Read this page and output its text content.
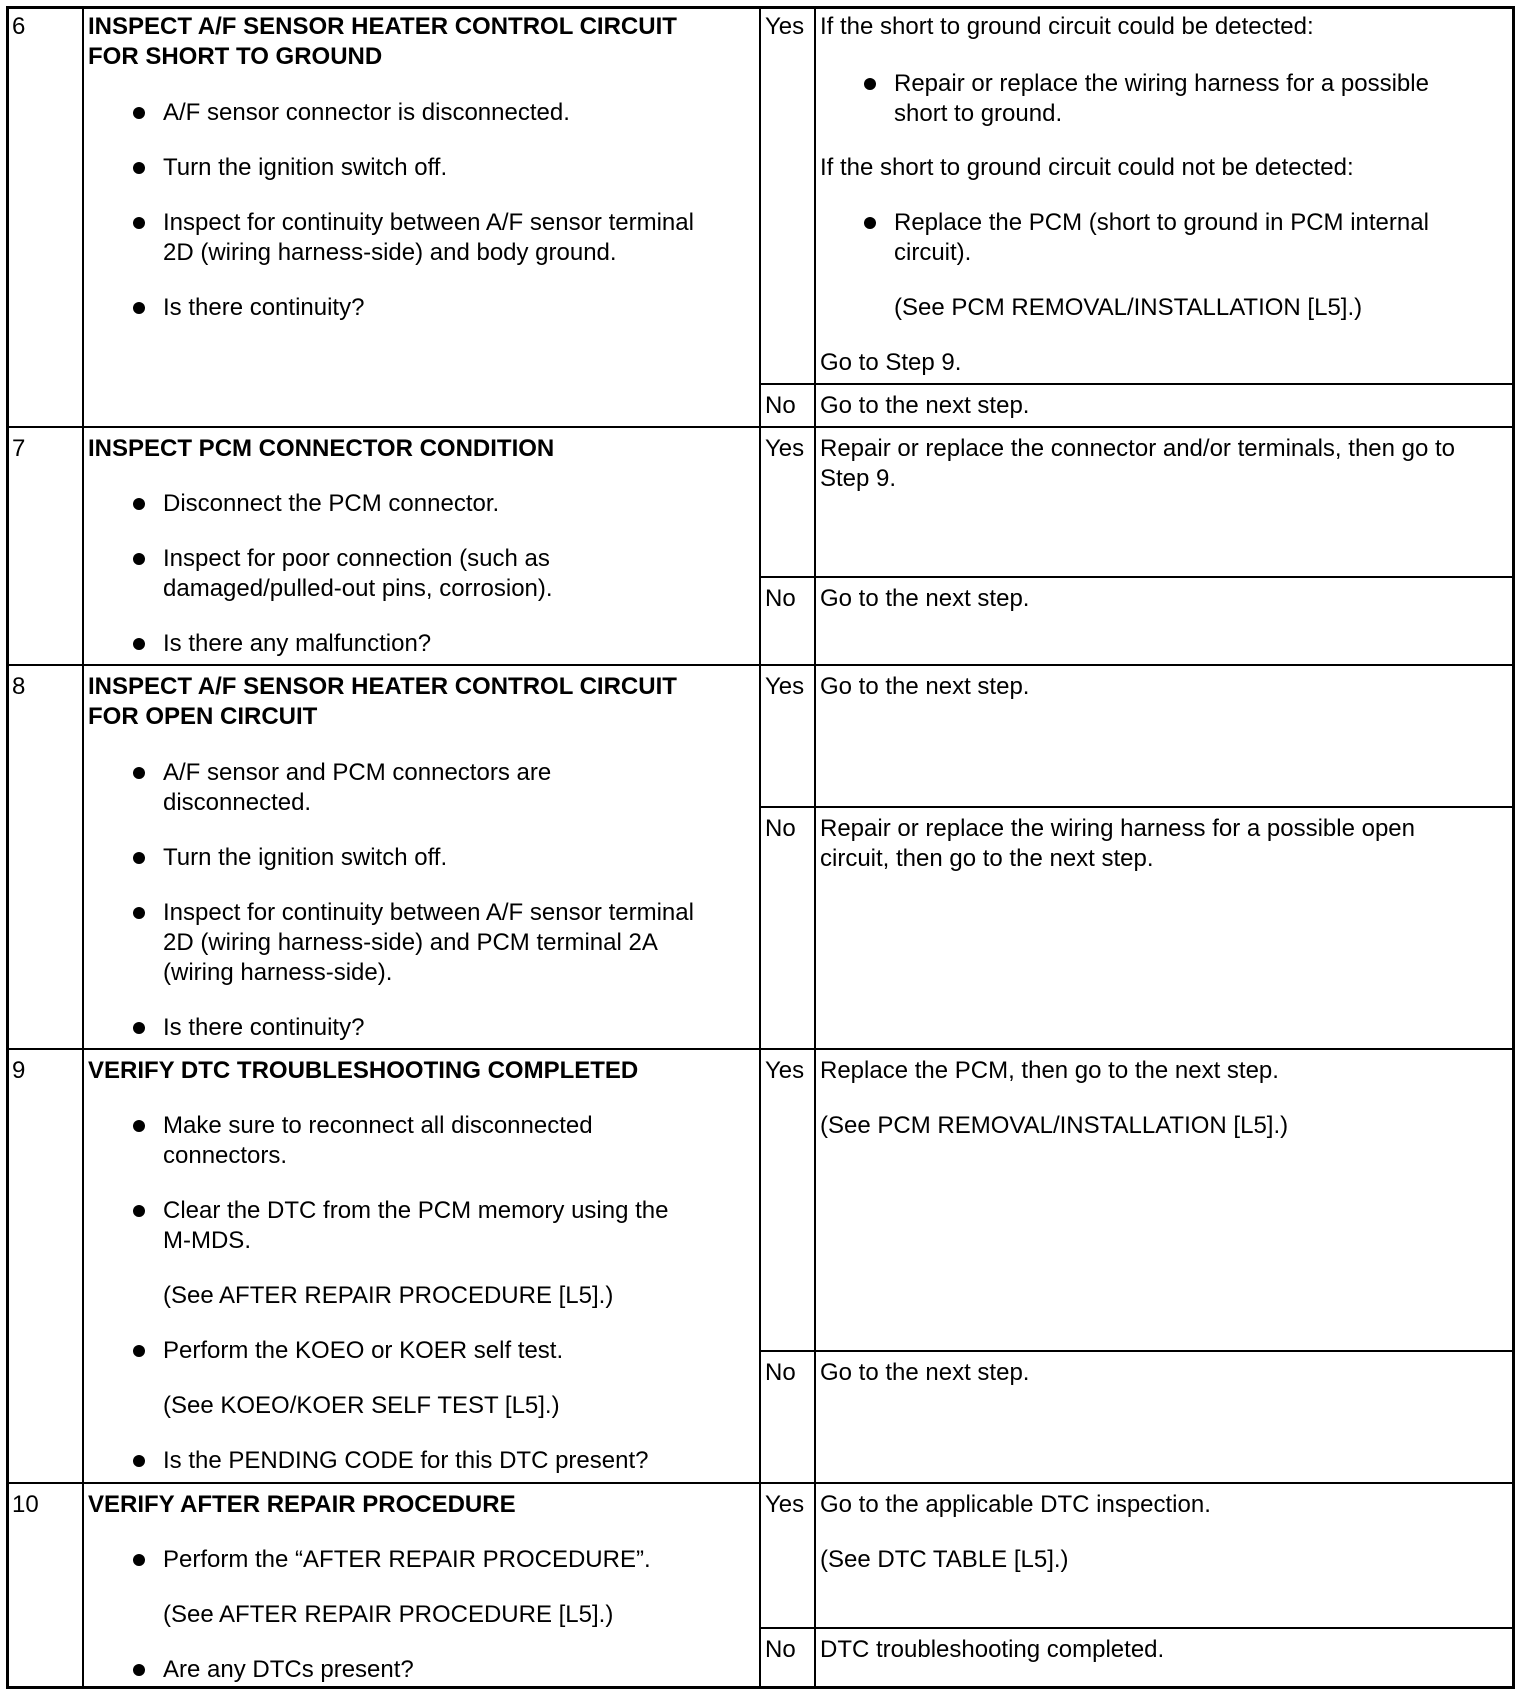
6	INSPECT A/F SENSOR HEATER CONTROL CIRCUIT
FOR SHORT TO GROUND
A/F sensor connector is disconnected.
Turn the ignition switch off.
Inspect for continuity between A/F sensor terminal
2D (wiring harness-side) and body ground.
Is there continuity?
Yes If the short to ground circuit could be detected:
Repair or replace the wiring harness for a possible
short to ground.
If the short to ground circuit could not be detected:
Replace the PCM (short to ground in PCM internal
circuit).
(See PCM REMOVAL/INSTALLATION [L5].)
Go to Step 9.
No Go to the next step.
7	INSPECT PCM CONNECTOR CONDITION
Disconnect the PCM connector.
Inspect for poor connection (such as
damaged/pulled-out pins, corrosion).
Is there any malfunction?
Yes Repair or replace the connector and/or terminals, then go to
Step 9.
No Go to the next step.
8	INSPECT A/F SENSOR HEATER CONTROL CIRCUIT
FOR OPEN CIRCUIT
A/F sensor and PCM connectors are
disconnected.
Turn the ignition switch off.
Inspect for continuity between A/F sensor terminal
2D (wiring harness-side) and PCM terminal 2A
(wiring harness-side).
Is there continuity?
Yes Go to the next step.
No Repair or replace the wiring harness for a possible open
circuit, then go to the next step.
9	VERIFY DTC TROUBLESHOOTING COMPLETED
Make sure to reconnect all disconnected
connectors.
Clear the DTC from the PCM memory using the
M-MDS.
(See AFTER REPAIR PROCEDURE [L5].)
Perform the KOEO or KOER self test.
(See KOEO/KOER SELF TEST [L5].)
Is the PENDING CODE for this DTC present?
Yes Replace the PCM, then go to the next step.
(See PCM REMOVAL/INSTALLATION [L5].)
No Go to the next step.
10 VERIFY AFTER REPAIR PROCEDURE
Perform the “AFTER REPAIR PROCEDURE”.
(See AFTER REPAIR PROCEDURE [L5].)
Are any DTCs present?
Yes Go to the applicable DTC inspection.
(See DTC TABLE [L5].)
No DTC troubleshooting completed.
